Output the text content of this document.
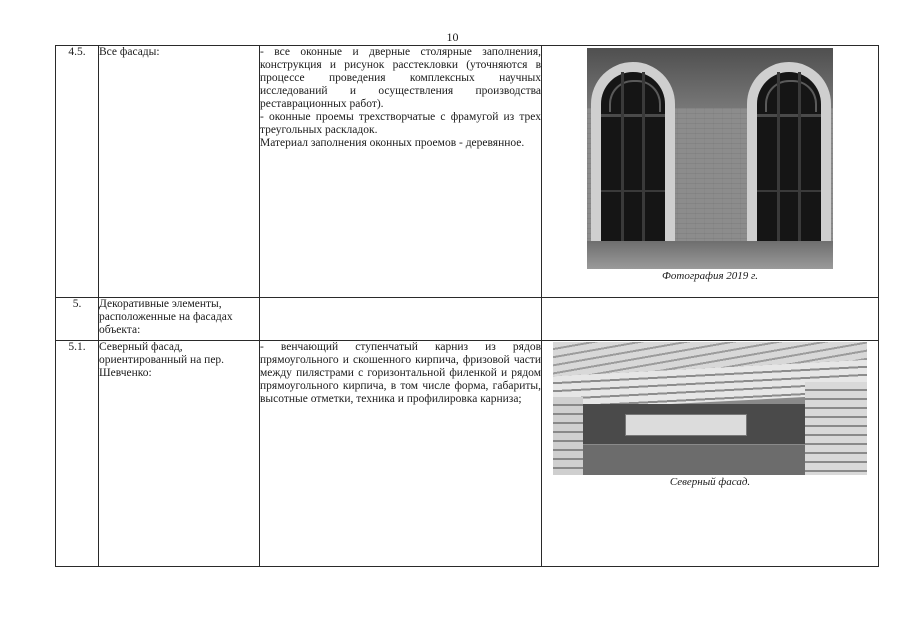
10
4.5.	Все фасады:	- все оконные и дверные столярные заполнения, конструкция и рисунок расстекловки (уточняются в процессе проведения комплексных научных исследований и осуществления производства реставрационных работ).

- оконные проемы трехстворчатые с фрамугой из трех треугольных раскладок.

Материал заполнения оконных проемов - деревянное.	Фотография 2019 г.

5.	Декоративные элементы, расположенные на фасадах объекта:		
5.1.	Северный фасад, ориентированный на пер. Шевченко:	- венчающий ступенчатый карниз из рядов прямоугольного и скошенного кирпича, фризовой части между пилястрами с горизонтальной филенкой и рядом прямоугольного кирпича, в том числе форма, габариты, высотные отметки, техника и профилировка карниза;	Северный фасад.
